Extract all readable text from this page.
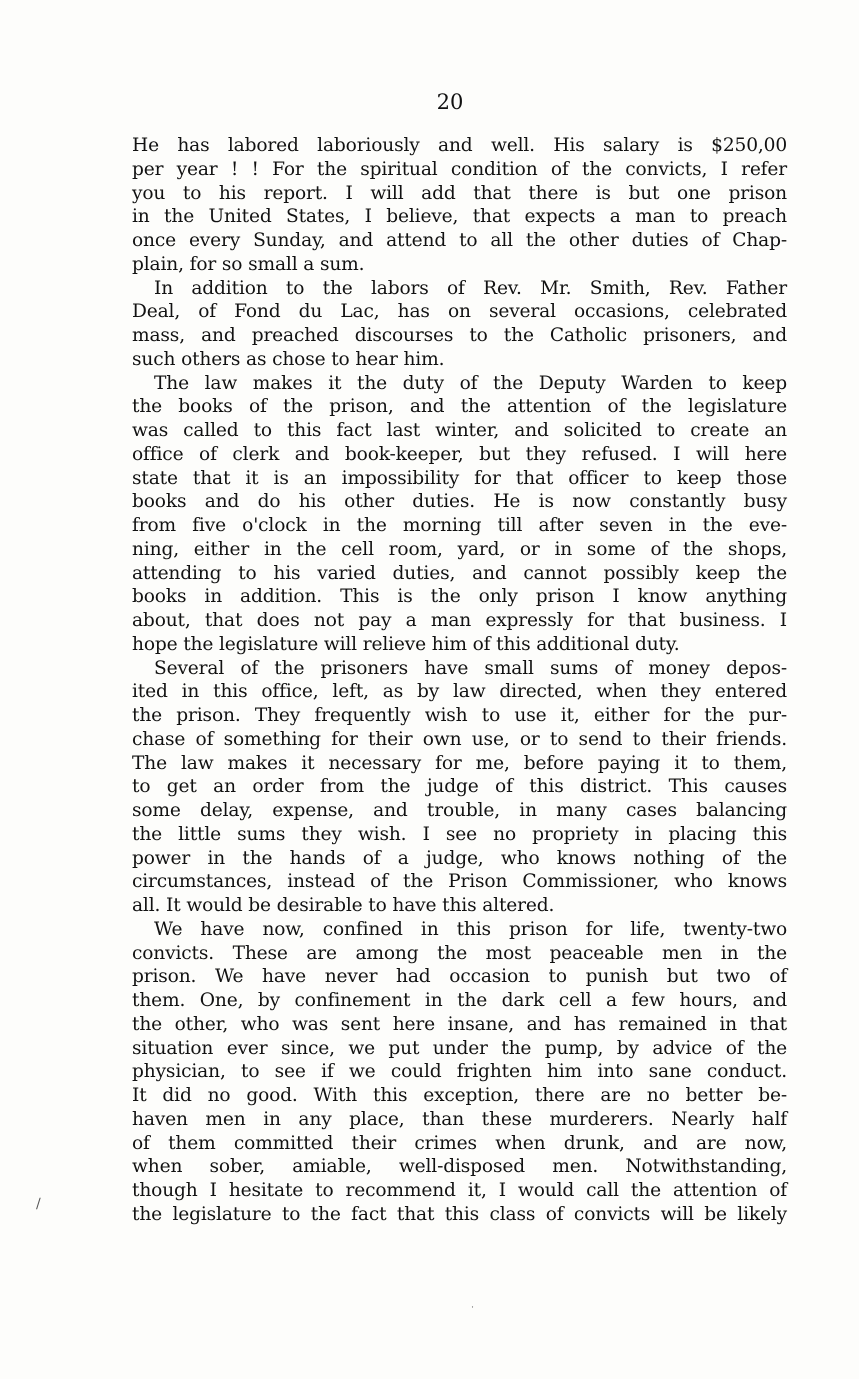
20
He has labored laboriously and well. His salary is $250,00
per year ! ! For the spiritual condition of the convicts, I refer
you to his report. I will add that there is but one prison
in the United States, I believe, that expects a man to preach
once every Sunday, and attend to all the other duties of Chap-
plain, for so small a sum.
In addition to the labors of Rev. Mr. Smith, Rev. Father
Deal, of Fond du Lac, has on several occasions, celebrated
mass, and preached discourses to the Catholic prisoners, and
such others as chose to hear him.
The law makes it the duty of the Deputy Warden to keep
the books of the prison, and the attention of the legislature
was called to this fact last winter, and solicited to create an
office of clerk and book-keeper, but they refused. I will here
state that it is an impossibility for that officer to keep those
books and do his other duties. He is now constantly busy
from five o'clock in the morning till after seven in the eve-
ning, either in the cell room, yard, or in some of the shops,
attending to his varied duties, and cannot possibly keep the
books in addition. This is the only prison I know anything
about, that does not pay a man expressly for that business. I
hope the legislature will relieve him of this additional duty.
Several of the prisoners have small sums of money depos-
ited in this office, left, as by law directed, when they entered
the prison. They frequently wish to use it, either for the pur-
chase of something for their own use, or to send to their friends.
The law makes it necessary for me, before paying it to them,
to get an order from the judge of this district. This causes
some delay, expense, and trouble, in many cases balancing
the little sums they wish. I see no propriety in placing this
power in the hands of a judge, who knows nothing of the
circumstances, instead of the Prison Commissioner, who knows
all. It would be desirable to have this altered.
We have now, confined in this prison for life, twenty-two
convicts. These are among the most peaceable men in the
prison. We have never had occasion to punish but two of
them. One, by confinement in the dark cell a few hours, and
the other, who was sent here insane, and has remained in that
situation ever since, we put under the pump, by advice of the
physician, to see if we could frighten him into sane conduct.
It did no good. With this exception, there are no better be-
haven men in any place, than these murderers. Nearly half
of them committed their crimes when drunk, and are now,
when sober, amiable, well-disposed men. Notwithstanding,
though I hesitate to recommend it, I would call the attention of
the legislature to the fact that this class of convicts will be likely
∕
˙
